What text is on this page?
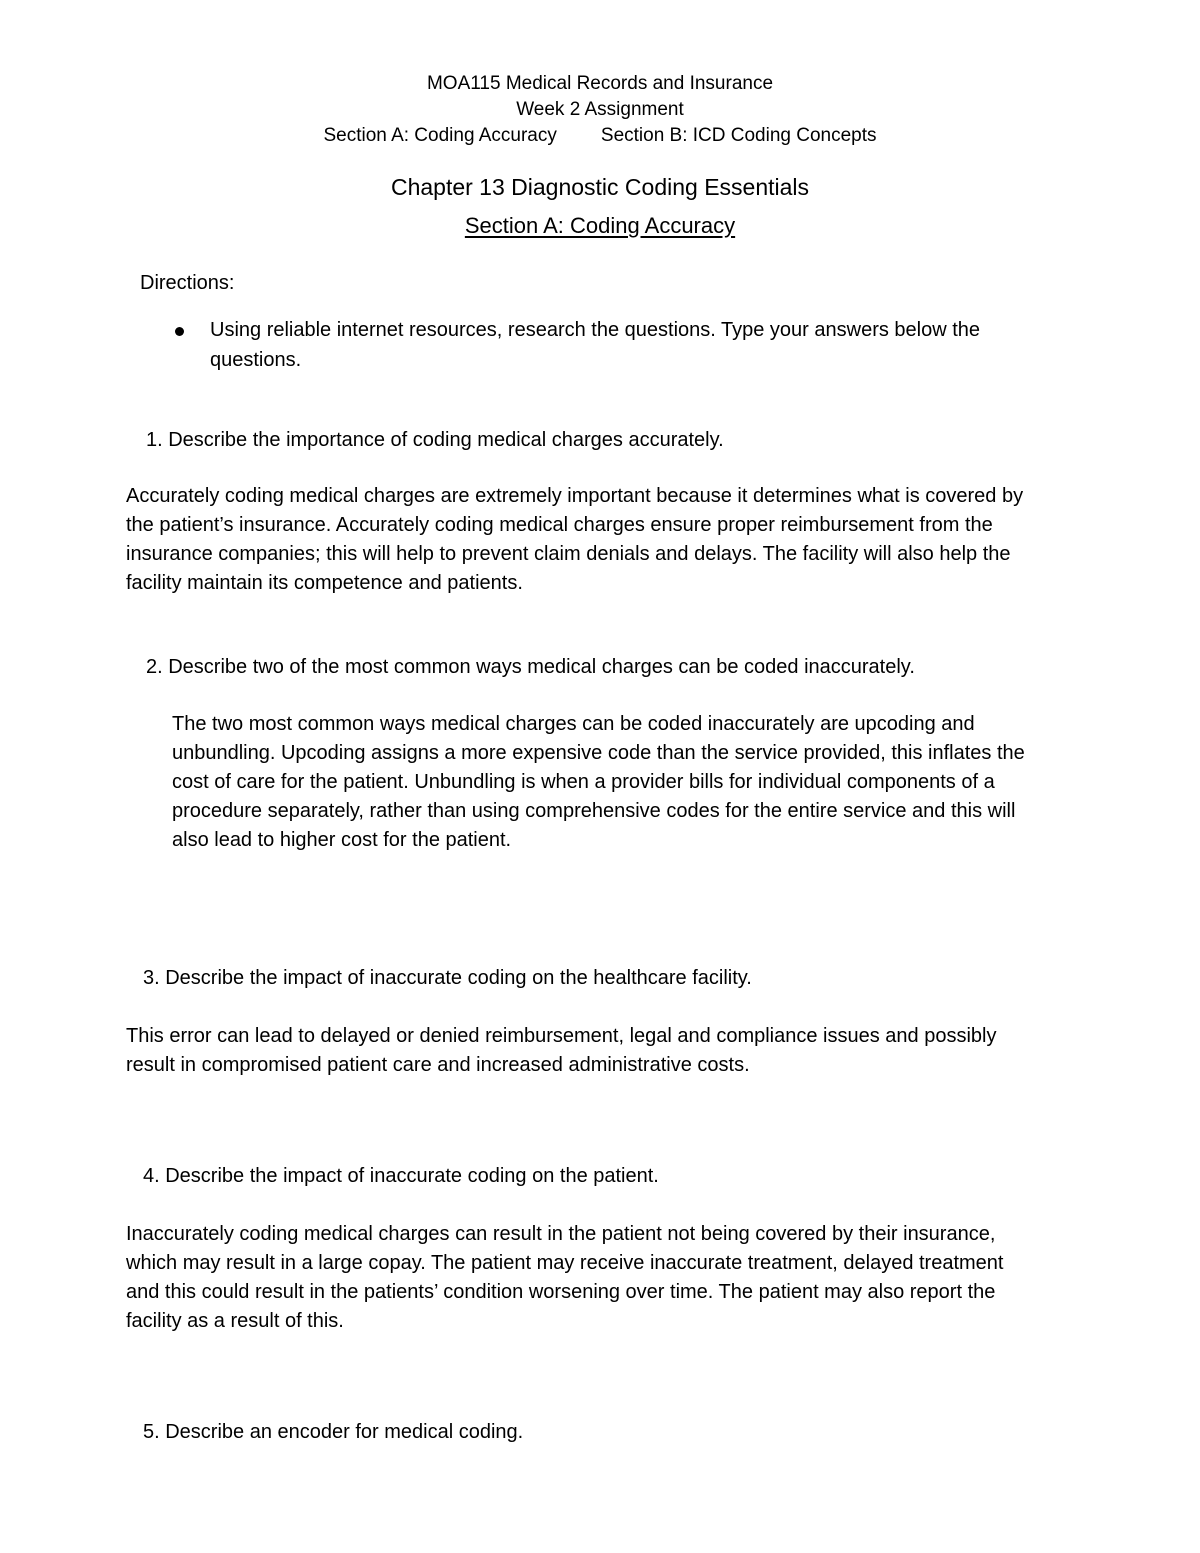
MOA115 Medical Records and Insurance
Week 2 Assignment
Section A: Coding Accuracy Section B: ICD Coding Concepts
Chapter 13 Diagnostic Coding Essentials
Section A: Coding Accuracy
Directions:
Using reliable internet resources, research the questions. Type your answers below the questions.
1. Describe the importance of coding medical charges accurately.
Accurately coding medical charges are extremely important because it determines what is covered by the patient’s insurance. Accurately coding medical charges ensure proper reimbursement from the insurance companies; this will help to prevent claim denials and delays. The facility will also help the facility maintain its competence and patients.
2. Describe two of the most common ways medical charges can be coded inaccurately.
The two most common ways medical charges can be coded inaccurately are upcoding and unbundling. Upcoding assigns a more expensive code than the service provided, this inflates the cost of care for the patient. Unbundling is when a provider bills for individual components of a procedure separately, rather than using comprehensive codes for the entire service and this will also lead to higher cost for the patient.
3. Describe the impact of inaccurate coding on the healthcare facility.
This error can lead to delayed or denied reimbursement, legal and compliance issues and possibly result in compromised patient care and increased administrative costs.
4. Describe the impact of inaccurate coding on the patient.
Inaccurately coding medical charges can result in the patient not being covered by their insurance, which may result in a large copay. The patient may receive inaccurate treatment, delayed treatment and this could result in the patients’ condition worsening over time. The patient may also report the facility as a result of this.
5. Describe an encoder for medical coding.
